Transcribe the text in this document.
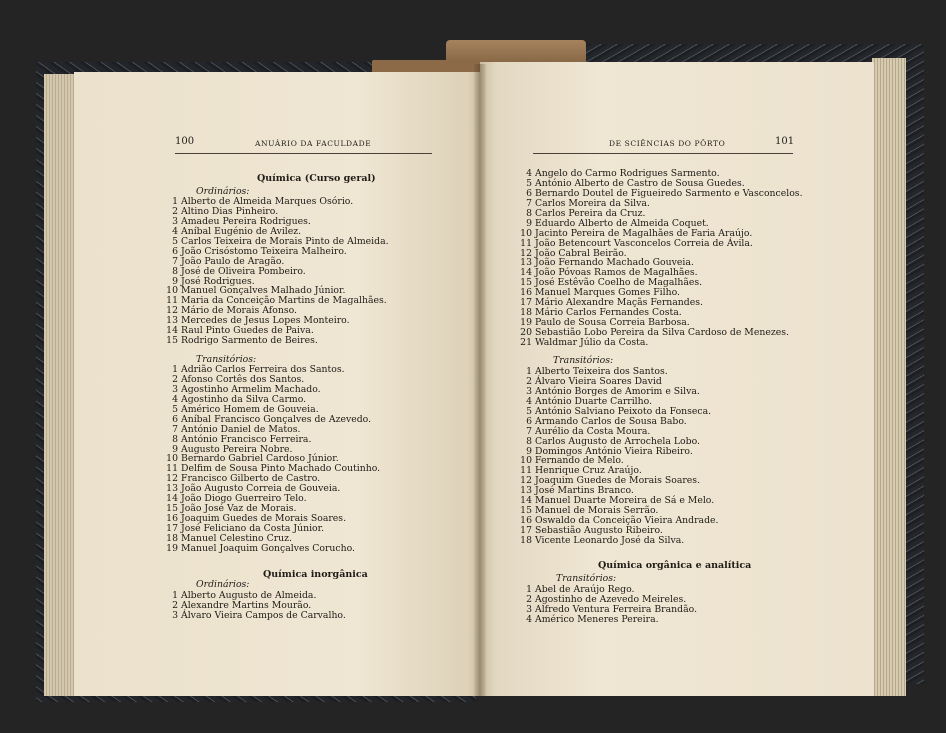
100	ANUÁRIO DA FACULDADE
Química (Curso geral)
Ordinários:
1 Alberto de Almeida Marques Osório.
2 Altino Dias Pinheiro.
3 Amadeu Pereira Rodrigues.
4 Aníbal Eugénio de Avilez.
5 Carlos Teixeira de Morais Pinto de Almeida.
6 João Crisóstomo Teixeira Malheiro.
7 João Paulo de Aragão.
8 José de Oliveira Pombeiro.
9 José Rodrigues.
10 Manuel Gonçalves Malhado Júnior.
11 Maria da Conceição Martins de Magalhães.
12 Mário de Morais Afonso.
13 Mercedes de Jesus Lopes Monteiro.
14 Raul Pinto Guedes de Paiva.
15 Rodrigo Sarmento de Beires.
Transitórios:
1 Adrião Carlos Ferreira dos Santos.
2 Afonso Cortês dos Santos.
3 Agostinho Armelim Machado.
4 Agostinho da Silva Carmo.
5 Américo Homem de Gouveia.
6 Aníbal Francisco Gonçalves de Azevedo.
7 António Daniel de Matos.
8 António Francisco Ferreira.
9 Augusto Pereira Nobre.
10 Bernardo Gabriel Cardoso Júnior.
11 Delfim de Sousa Pinto Machado Coutinho.
12 Francisco Gilberto de Castro.
13 João Augusto Correia de Gouveia.
14 João Diogo Guerreiro Telo.
15 João José Vaz de Morais.
16 Joaquim Guedes de Morais Soares.
17 José Feliciano da Costa Júnior.
18 Manuel Celestino Cruz.
19 Manuel Joaquim Gonçalves Corucho.
Química inorgânica
Ordinários:
1 Alberto Augusto de Almeida.
2 Alexandre Martins Mourão.
3 Álvaro Vieira Campos de Carvalho.
DE SCIÊNCIAS DO PÔRTO	101
4 Angelo do Carmo Rodrigues Sarmento.
5 António Alberto de Castro de Sousa Guedes.
6 Bernardo Doutel de Figueiredo Sarmento e Vasconcelos.
7 Carlos Moreira da Silva.
8 Carlos Pereira da Cruz.
9 Eduardo Alberto de Almeida Coquet.
10 Jacinto Pereira de Magalhães de Faria Araújo.
11 João Betencourt Vasconcelos Correia de Ávila.
12 João Cabral Beirão.
13 João Fernando Machado Gouveia.
14 João Póvoas Ramos de Magalhães.
15 José Estêvão Coelho de Magalhães.
16 Manuel Marques Gomes Filho.
17 Mário Alexandre Maçãs Fernandes.
18 Mário Carlos Fernandes Costa.
19 Paulo de Sousa Correia Barbosa.
20 Sebastião Lobo Pereira da Silva Cardoso de Menezes.
21 Waldmar Júlio da Costa.
Transitórios:
1 Alberto Teixeira dos Santos.
2 Álvaro Vieira Soares David
3 António Borges de Amorim e Silva.
4 António Duarte Carrilho.
5 António Salviano Peixoto da Fonseca.
6 Armando Carlos de Sousa Babo.
7 Aurélio da Costa Moura.
8 Carlos Augusto de Arrochela Lobo.
9 Domingos António Vieira Ribeiro.
10 Fernando de Melo.
11 Henrique Cruz Araújo.
12 Joaquim Guedes de Morais Soares.
13 José Martins Branco.
14 Manuel Duarte Moreira de Sá e Melo.
15 Manuel de Morais Serrão.
16 Oswaldo da Conceição Vieira Andrade.
17 Sebastião Augusto Ribeiro.
18 Vicente Leonardo José da Silva.
Química orgânica e analítica
Transitórios:
1 Abel de Araújo Rego.
2 Agostinho de Azevedo Meireles.
3 Alfredo Ventura Ferreira Brandão.
4 Américo Meneres Pereira.
